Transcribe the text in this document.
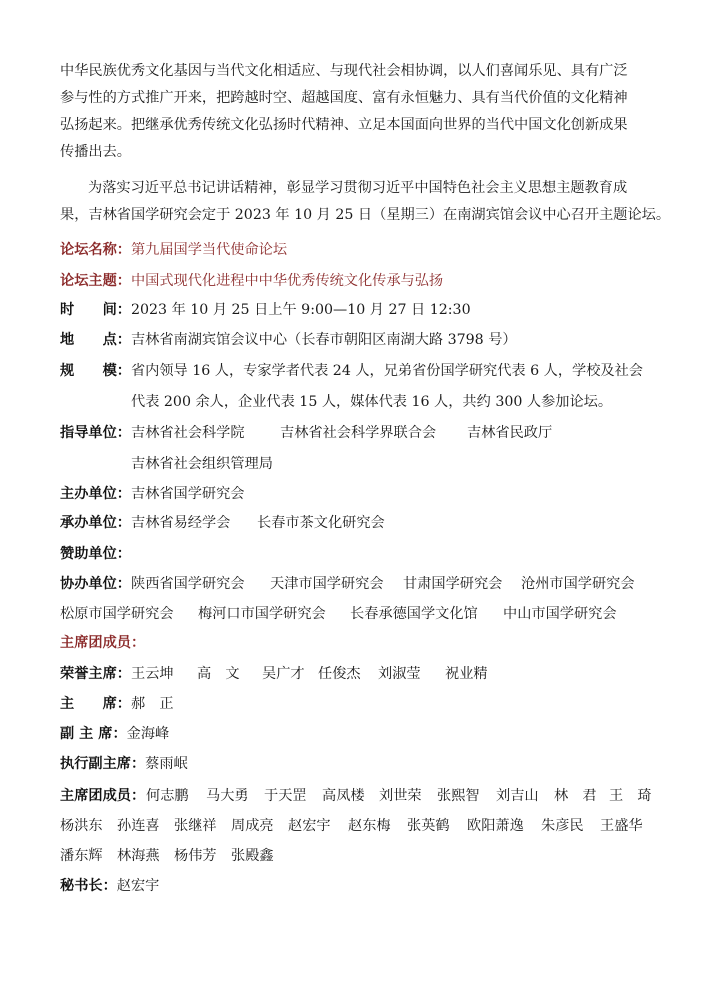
中华民族优秀文化基因与当代文化相适应、与现代社会相协调，以人们喜闻乐见、具有广泛
参与性的方式推广开来，把跨越时空、超越国度、富有永恒魅力、具有当代价值的文化精神
弘扬起来。把继承优秀传统文化弘扬时代精神、立足本国面向世界的当代中国文化创新成果
传播出去。

为落实习近平总书记讲话精神，彰显学习贯彻习近平中国特色社会主义思想主题教育成
果，吉林省国学研究会定于 2023 年 10 月 25 日（星期三）在南湖宾馆会议中心召开主题论坛。

论坛名称：第九届国学当代使命论坛
论坛主题：中国式现代化进程中中华优秀传统文化传承与弘扬
时　　间：2023 年 10 月 25 日上午 9:00—10 月 27 日 12:30
地　　点：吉林省南湖宾馆会议中心（长春市朝阳区南湖大路 3798 号）
规　　模：省内领导 16 人，专家学者代表 24 人，兄弟省份国学研究代表 6 人，学校及社会
代表 200 余人，企业代表 15 人，媒体代表 16 人，共约 300 人参加论坛。
指导单位： 吉林省社会科学院 吉林省社会科学界联合会 吉林省民政厅
吉林省社会组织管理局
主办单位：吉林省国学研究会
承办单位： 吉林省易经学会 长春市茶文化研究会
赞助单位：
协办单位： 陕西省国学研究会 天津市国学研究会 甘肃国学研究会 沧州市国学研究会
松原市国学研究会 梅河口市国学研究会 长春承德国学文化馆 中山市国学研究会
主席团成员：
荣誉主席： 王云坤 高　文 吴广才 任俊杰 刘淑莹 祝业精
主　　席：郝　正
副 主 席：金海峰
执行副主席：蔡雨岷
主席团成员： 何志鹏 马大勇 于天罡 高凤楼 刘世荣 张熙智 刘吉山 林　君 王　琦
杨洪东 孙连喜 张继祥 周成亮 赵宏宇 赵东梅 张英鹤 欧阳萧逸 朱彦民 王盛华
潘东辉 林海燕 杨伟芳 张殿鑫
秘书长：赵宏宇
